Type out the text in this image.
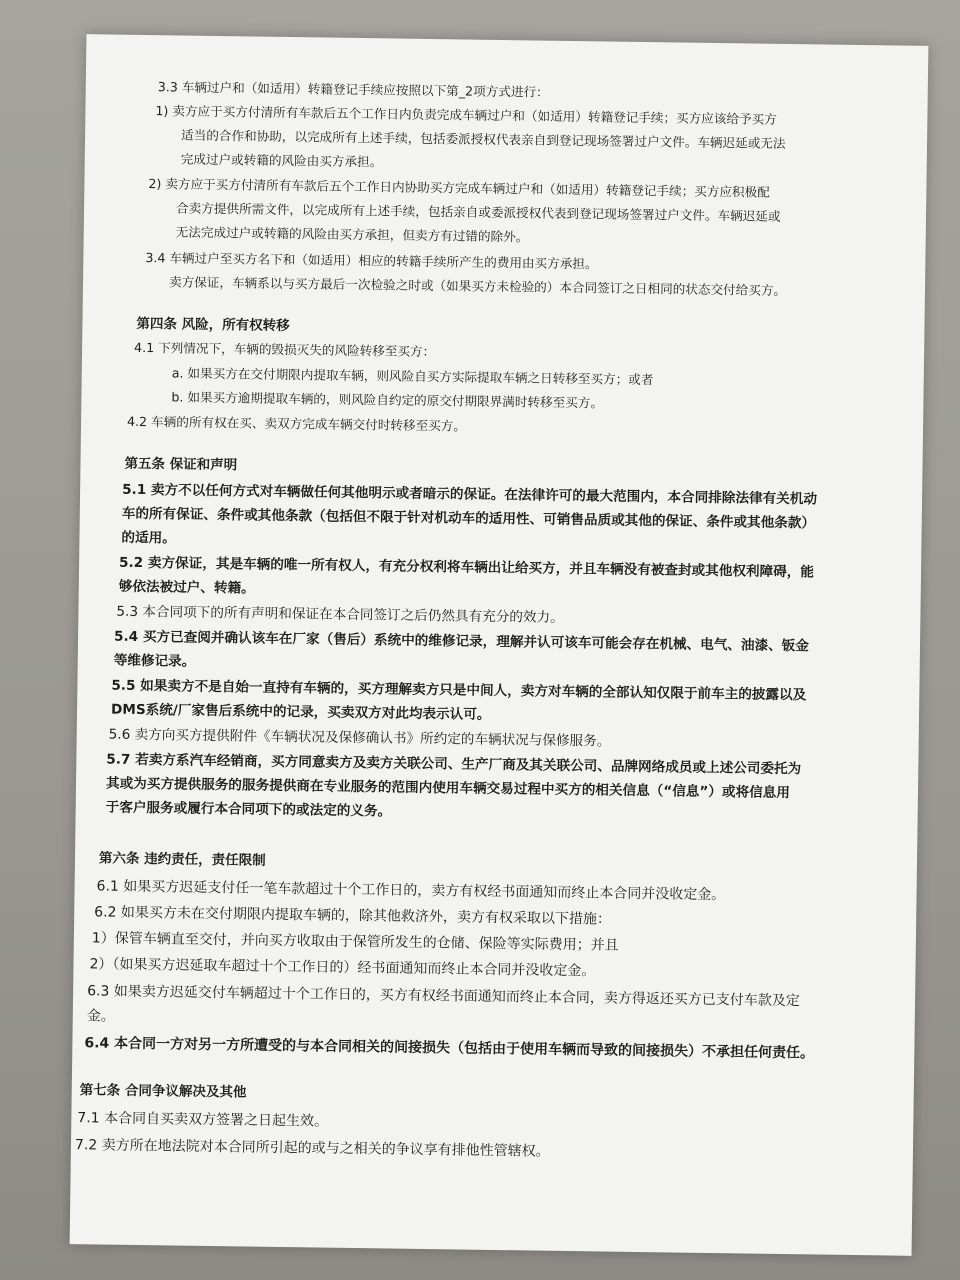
3.3 车辆过户和（如适用）转籍登记手续应按照以下第_2项方式进行：
1) 卖方应于买方付清所有车款后五个工作日内负责完成车辆过户和（如适用）转籍登记手续；买方应该给予买方
适当的合作和协助，以完成所有上述手续，包括委派授权代表亲自到登记现场签署过户文件。车辆迟延或无法
完成过户或转籍的风险由买方承担。
2) 卖方应于买方付清所有车款后五个工作日内协助买方完成车辆过户和（如适用）转籍登记手续；买方应积极配
合卖方提供所需文件，以完成所有上述手续，包括亲自或委派授权代表到登记现场签署过户文件。车辆迟延或
无法完成过户或转籍的风险由买方承担，但卖方有过错的除外。
3.4 车辆过户至买方名下和（如适用）相应的转籍手续所产生的费用由买方承担。
卖方保证，车辆系以与买方最后一次检验之时或（如果买方未检验的）本合同签订之日相同的状态交付给买方。
第四条 风险，所有权转移
4.1 下列情况下，车辆的毁损灭失的风险转移至买方：
a. 如果买方在交付期限内提取车辆，则风险自买方实际提取车辆之日转移至买方；或者
b. 如果买方逾期提取车辆的，则风险自约定的原交付期限界满时转移至买方。
4.2 车辆的所有权在买、卖双方完成车辆交付时转移至买方。
第五条 保证和声明
5.1 卖方不以任何方式对车辆做任何其他明示或者暗示的保证。在法律许可的最大范围内，本合同排除法律有关机动
车的所有保证、条件或其他条款（包括但不限于针对机动车的适用性、可销售品质或其他的保证、条件或其他条款）
的适用。
5.2 卖方保证，其是车辆的唯一所有权人，有充分权利将车辆出让给买方，并且车辆没有被查封或其他权利障碍，能
够依法被过户、转籍。
5.3 本合同项下的所有声明和保证在本合同签订之后仍然具有充分的效力。
5.4 买方已查阅并确认该车在厂家（售后）系统中的维修记录，理解并认可该车可能会存在机械、电气、油漆、钣金
等维修记录。
5.5 如果卖方不是自始一直持有车辆的，买方理解卖方只是中间人，卖方对车辆的全部认知仅限于前车主的披露以及
DMS系统/厂家售后系统中的记录，买卖双方对此均表示认可。
5.6 卖方向买方提供附件《车辆状况及保修确认书》所约定的车辆状况与保修服务。
5.7 若卖方系汽车经销商，买方同意卖方及卖方关联公司、生产厂商及其关联公司、品牌网络成员或上述公司委托为
其或为买方提供服务的服务提供商在专业服务的范围内使用车辆交易过程中买方的相关信息（“信息”）或将信息用
于客户服务或履行本合同项下的或法定的义务。
第六条 违约责任，责任限制
6.1 如果买方迟延支付任一笔车款超过十个工作日的，卖方有权经书面通知而终止本合同并没收定金。
6.2 如果买方未在交付期限内提取车辆的，除其他救济外，卖方有权采取以下措施：
1）保管车辆直至交付，并向买方收取由于保管所发生的仓储、保险等实际费用；并且
2）（如果买方迟延取车超过十个工作日的）经书面通知而终止本合同并没收定金。
6.3 如果卖方迟延交付车辆超过十个工作日的，买方有权经书面通知而终止本合同，卖方得返还买方已支付车款及定
金。
6.4 本合同一方对另一方所遭受的与本合同相关的间接损失（包括由于使用车辆而导致的间接损失）不承担任何责任。
第七条 合同争议解决及其他
7.1 本合同自买卖双方签署之日起生效。
7.2 卖方所在地法院对本合同所引起的或与之相关的争议享有排他性管辖权。
